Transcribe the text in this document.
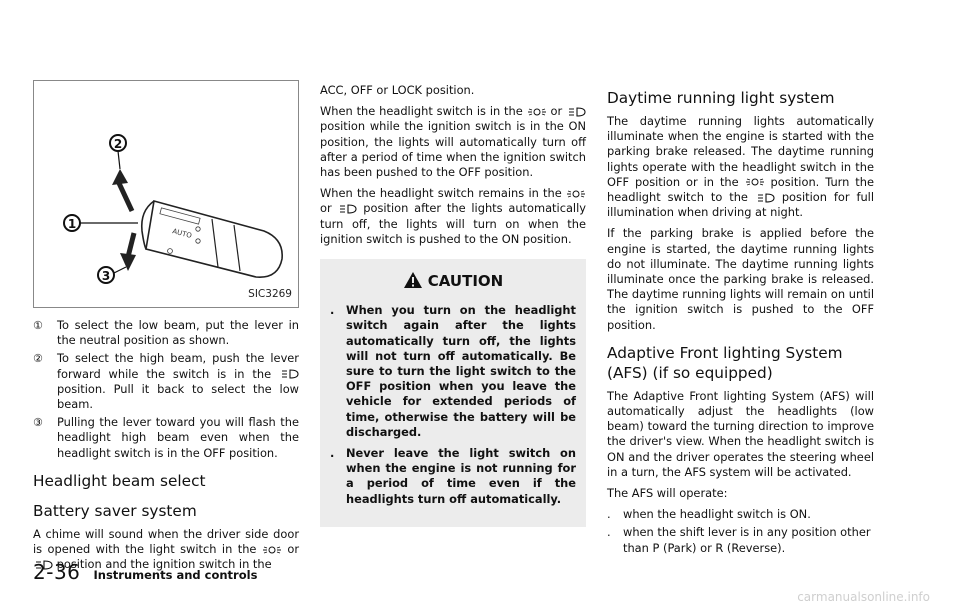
AUTO
2
1
3
SIC3269
①	To select the low beam, put the lever in the neutral position as shown.
②	To select the high beam, push the lever forward while the switch is in the  position. Pull it back to select the low beam.
③	Pulling the lever toward you will flash the headlight high beam even when the headlight switch is in the OFF position.
Headlight beam select
Battery saver system

A chime will sound when the driver side door is opened with the light switch in the	or  position and the ignition switch in the

ACC, OFF or LOCK position.

When the headlight switch is in the or  position while the ignition switch is in the ON position, the lights will automatically turn off after a period of time when the ignition switch has been pushed to the OFF position.

When the headlight switch remains in the  or	position after the lights automatically turn off, the lights will turn on when the ignition switch is pushed to the ON position.

CAUTION
.	When you turn on the headlight switch again after the lights automatically turn off, the lights will not turn off automatically. Be sure to turn the light switch to the OFF position when you leave the vehicle for extended periods of time, otherwise the battery will be discharged.
.	Never leave the light switch on when the engine is not running for a period of time even if the headlights turn off automatically.
Daytime running light system

The daytime running lights automatically illuminate when the engine is started with the parking brake released. The daytime running lights operate with the headlight switch in the OFF position or in the	position. Turn the headlight switch to the	position for full illumination when driving at night.

If the parking brake is applied before the engine is started, the daytime running lights do not illuminate. The daytime running lights illuminate once the parking brake is released. The daytime running lights will remain on until the ignition switch is pushed to the OFF position.

Adaptive Front lighting System (AFS) (if so equipped)

The Adaptive Front lighting System (AFS) will automatically adjust the headlights (low beam) toward the turning direction to improve the driver's view. When the headlight switch is ON and the driver operates the steering wheel in a turn, the AFS system will be activated.

The AFS will operate:

.	when the headlight switch is ON.
.	when the shift lever is in any position other than P (Park) or R (Reverse).
2-36 Instruments and controls
carmanualsonline.info
